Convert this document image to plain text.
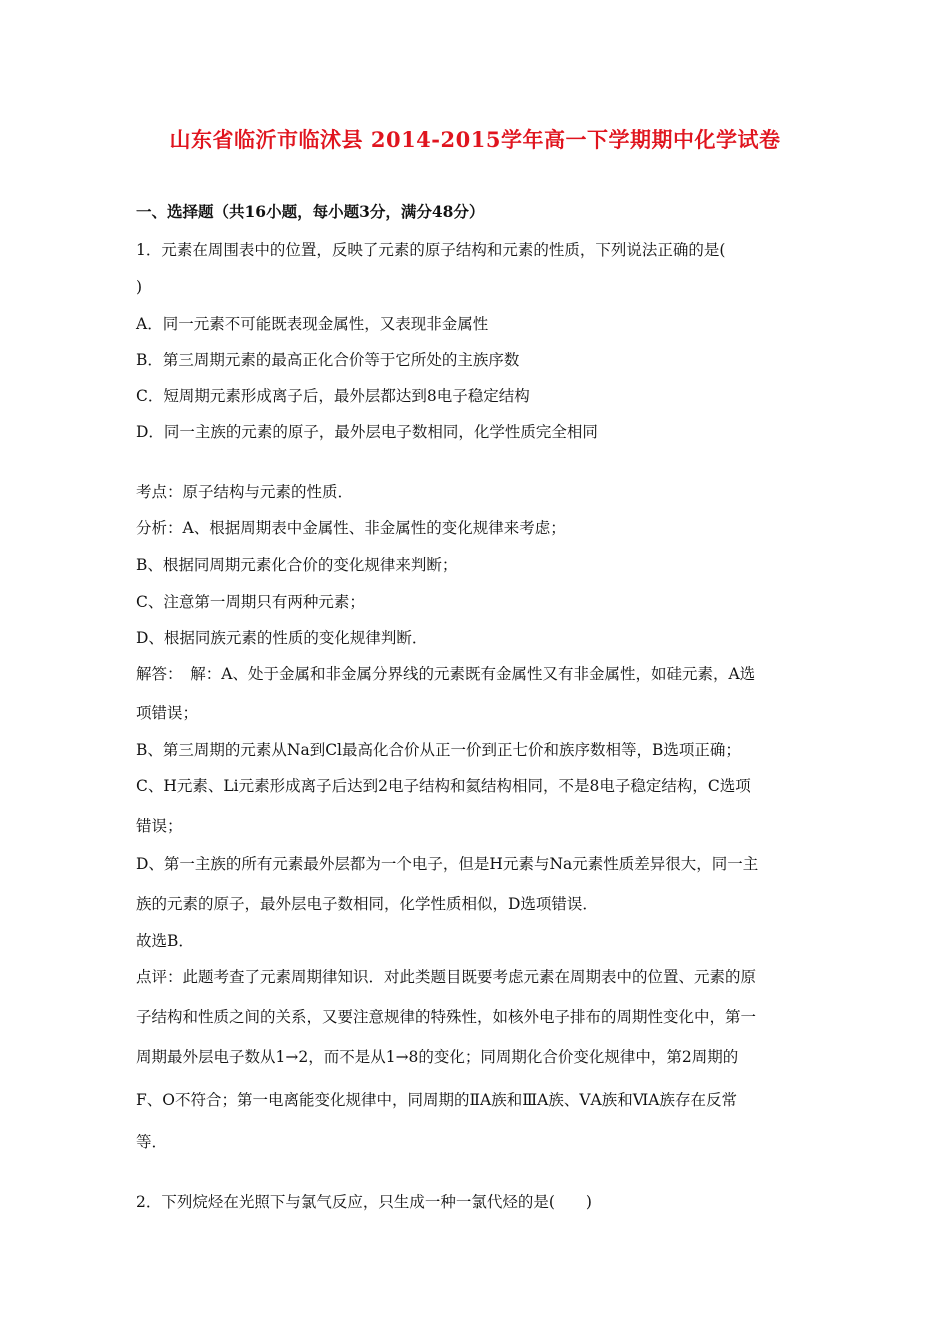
山东省临沂市临沭县 2014-2015学年高一下学期期中化学试卷
一、选择题（共16小题，每小题3分，满分48分）
1．元素在周围表中的位置，反映了元素的原子结构和元素的性质，下列说法正确的是(
)
A．同一元素不可能既表现金属性，又表现非金属性
B．第三周期元素的最高正化合价等于它所处的主族序数
C．短周期元素形成离子后，最外层都达到8电子稳定结构
D．同一主族的元素的原子，最外层电子数相同，化学性质完全相同
考点：原子结构与元素的性质．
分析：A、根据周期表中金属性、非金属性的变化规律来考虑；
B、根据同周期元素化合价的变化规律来判断；
C、注意第一周期只有两种元素；
D、根据同族元素的性质的变化规律判断．
解答：　解：A、处于金属和非金属分界线的元素既有金属性又有非金属性，如硅元素，A选
项错误；
B、第三周期的元素从Na到Cl最高化合价从正一价到正七价和族序数相等，B选项正确；
C、H元素、Li元素形成离子后达到2电子结构和氦结构相同，不是8电子稳定结构，C选项
错误；
D、第一主族的所有元素最外层都为一个电子，但是H元素与Na元素性质差异很大，同一主
族的元素的原子，最外层电子数相同，化学性质相似，D选项错误．
故选B．
点评：此题考查了元素周期律知识．对此类题目既要考虑元素在周期表中的位置、元素的原
子结构和性质之间的关系，又要注意规律的特殊性，如核外电子排布的周期性变化中，第一
周期最外层电子数从1→2，而不是从1→8的变化；同周期化合价变化规律中，第2周期的
F、O不符合；第一电离能变化规律中，同周期的ⅡA族和ⅢA族、ⅤA族和ⅥA族存在反常
等．
2．下列烷烃在光照下与氯气反应，只生成一种一氯代烃的是(　　)
